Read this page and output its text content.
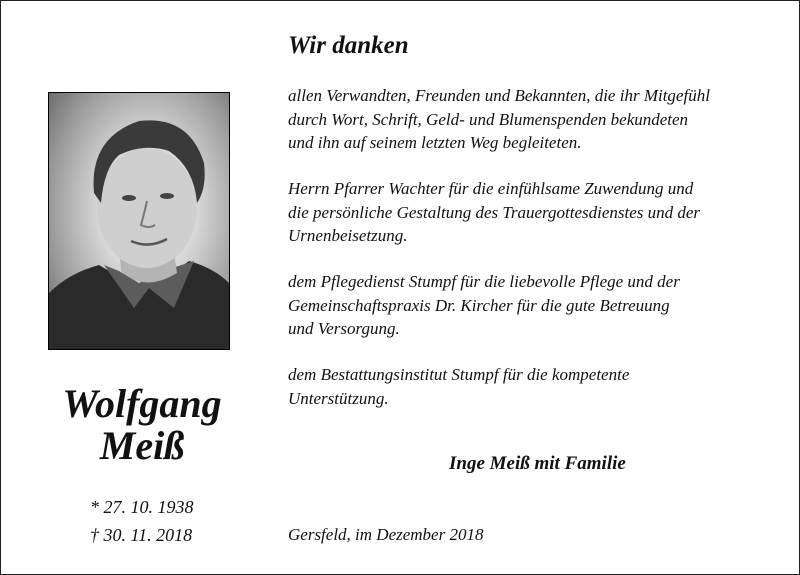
Wolfgang
Meiß
* 27. 10. 1938
† 30. 11. 2018
Wir danken
allen Verwandten, Freunden und Bekannten, die ihr Mitgefühl
durch Wort, Schrift, Geld- und Blumenspenden bekundeten
und ihn auf seinem letzten Weg begleiteten.
Herrn Pfarrer Wachter für die einfühlsame Zuwendung und
die persönliche Gestaltung des Trauergottesdienstes und der
Urnenbeisetzung.
dem Pflegedienst Stumpf für die liebevolle Pflege und der
Gemeinschaftspraxis Dr. Kircher für die gute Betreuung
und Versorgung.
dem Bestattungsinstitut Stumpf für die kompetente
Unterstützung.
Inge Meiß mit Familie
Gersfeld, im Dezember 2018
